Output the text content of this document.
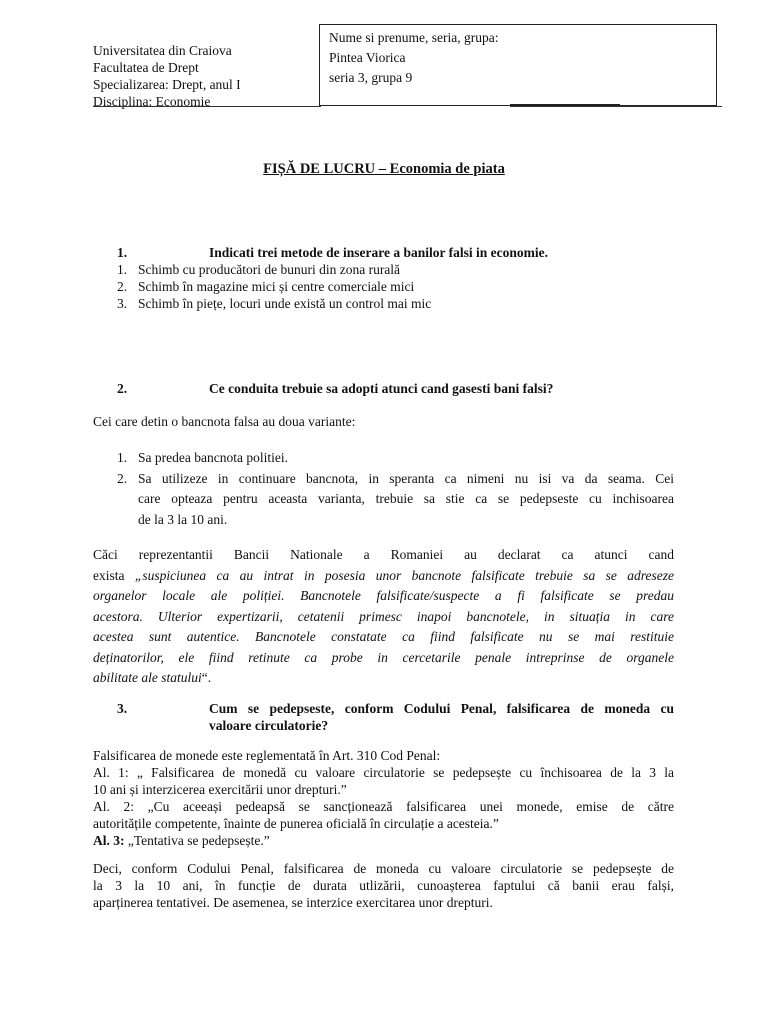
Universitatea din Craiova
Facultatea de Drept
Specializarea: Drept, anul I
Disciplina: Economie
Nume si prenume, seria, grupa:
Pintea Viorica
seria 3, grupa 9
FIȘĂ DE LUCRU – Economia de piata
1.	Indicati trei metode de inserare a banilor falsi in economie.
1. Schimb cu producători de bunuri din zona rurală
2. Schimb în magazine mici și centre comerciale mici
3. Schimb în piețe, locuri unde există un control mai mic
2.	Ce conduita trebuie sa adopti atunci cand gasesti bani falsi?
Cei care detin o bancnota falsa au doua variante:
1. Sa predea bancnota politiei.
2. Sa utilizeze in continuare bancnota, in speranta ca nimeni nu isi va da seama. Cei
care opteaza pentru aceasta varianta, trebuie sa stie ca se pedepseste cu inchisoarea
de la 3 la 10 ani.
Căci reprezentantii Bancii Nationale a Romaniei au declarat ca atunci cand
exista „suspiciunea ca au intrat in posesia unor bancnote falsificate trebuie sa se adreseze
organelor locale ale poliției. Bancnotele falsificate/suspecte a fi falsificate se predau
acestora. Ulterior expertizarii, cetatenii primesc inapoi bancnotele, in situația in care
acestea sunt autentice. Bancnotele constatate ca fiind falsificate nu se mai restituie
deținatorilor, ele fiind retinute ca probe in cercetarile penale intreprinse de organele
abilitate ale statului“.
3.	Cum se pedepseste, conform Codului Penal, falsificarea de moneda cu
valoare circulatorie?
Falsificarea de monede este reglementată în Art. 310 Cod Penal:
Al. 1: „ Falsificarea de monedă cu valoare circulatorie se pedepsește cu închisoarea de la 3 la
10 ani și interzicerea exercitării unor drepturi.”
Al. 2: „Cu aceeași pedeapsă se sancționează falsificarea unei monede, emise de către
autoritățile competente, înainte de punerea oficială în circulație a acesteia.”
Al. 3: „Tentativa se pedepsește.”
Deci, conform Codului Penal, falsificarea de moneda cu valoare circulatorie se pedepsește de
la 3 la 10 ani, în funcție de durata utlizării, cunoașterea faptului că banii erau falși,
aparținerea tentativei. De asemenea, se interzice exercitarea unor drepturi.
